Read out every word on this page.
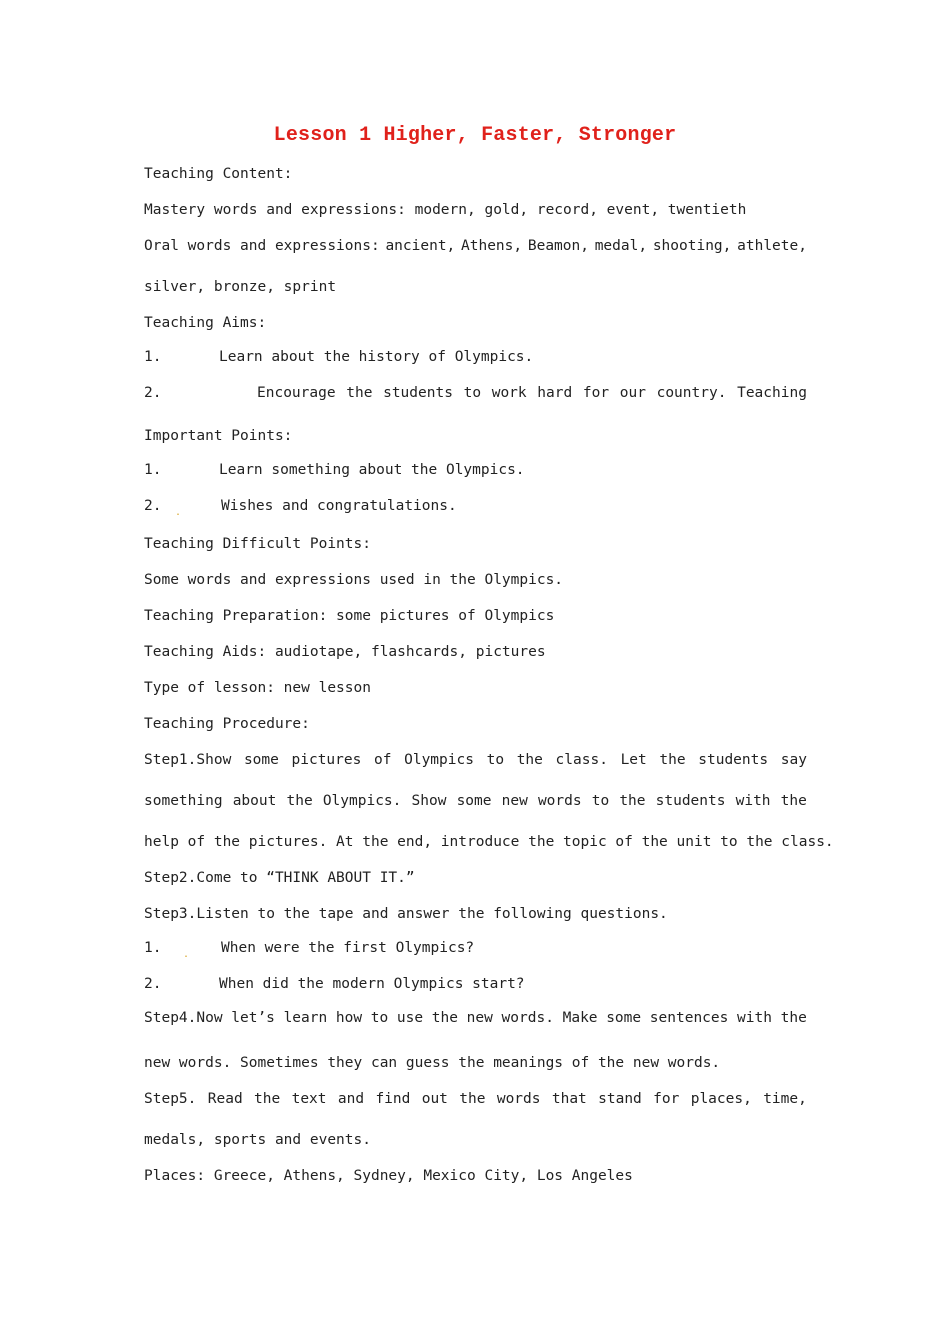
Lesson 1 Higher, Faster, Stronger
Teaching Content:
Mastery words and expressions: modern, gold, record, event, twentieth
Oral words and expressions: ancient, Athens, Beamon, medal, shooting, athlete,
silver, bronze, sprint
Teaching Aims:
1.	Learn about the history of Olympics.
2.	Encourage the students to work hard for our country. Teaching
Important Points:
1.	Learn something about the Olympics.
2. $_.$	Wishes and congratulations.
Teaching Difficult Points:
Some words and expressions used in the Olympics.
Teaching Preparation: some pictures of Olympics
Teaching Aids: audiotape, flashcards, pictures
Type of lesson: new lesson
Teaching Procedure:
Step1.Show some pictures of Olympics to the class. Let the students say
something about the Olympics. Show some new words to the students with the
help of the pictures. At the end, introduce the topic of the unit to the class.
Step2.Come to “THINK ABOUT IT.”
Step3.Listen to the tape and answer the following questions.
1. $_.$ When were the first Olympics?
2.	When did the modern Olympics start?
Step4.Now let’s learn how to use the new words. Make some sentences with the
new words. Sometimes they can guess the meanings of the new words.
Step5. Read the text and find out the words that stand for places, time,
medals, sports and events.
Places: Greece, Athens, Sydney, Mexico City, Los Angeles
